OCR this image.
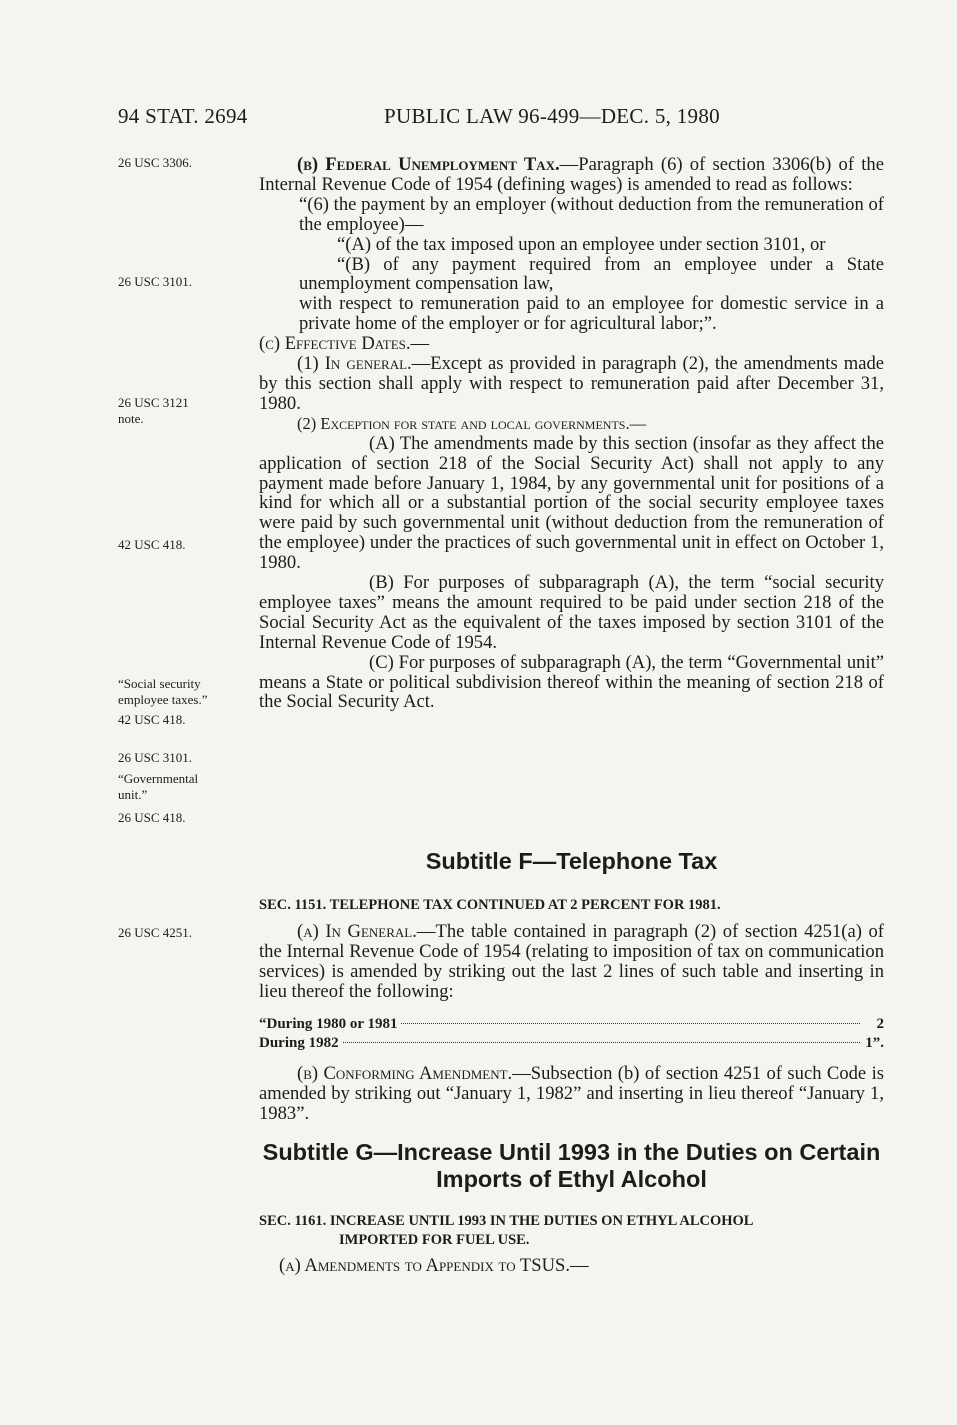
94 STAT. 2694	PUBLIC LAW 96-499—DEC. 5, 1980
26 USC 3306.
26 USC 3101.
26 USC 3121
note.
42 USC 418.
“Social security
employee taxes.”
42 USC 418.
26 USC 3101.
“Governmental
unit.”
26 USC 418.
26 USC 4251.

(b) Federal Unemployment Tax.—Paragraph (6) of section 3306(b) of the Internal Revenue Code of 1954 (defining wages) is amended to read as follows:

“(6) the payment by an employer (without deduction from the remuneration of the employee)—

“(A) of the tax imposed upon an employee under section 3101, or

“(B) of any payment required from an employee under a State unemployment compensation law,

with respect to remuneration paid to an employee for domestic service in a private home of the employer or for agricultural labor;”.

(c) Effective Dates.—

(1) In general.—Except as provided in paragraph (2), the amendments made by this section shall apply with respect to remuneration paid after December 31, 1980.

(2) Exception for state and local governments.—

(A) The amendments made by this section (insofar as they affect the application of section 218 of the Social Security Act) shall not apply to any payment made before January 1, 1984, by any governmental unit for positions of a kind for which all or a substantial portion of the social security employee taxes were paid by such governmental unit (without deduction from the remuneration of the employee) under the practices of such governmental unit in effect on October 1, 1980.

(B) For purposes of subparagraph (A), the term “social security employee taxes” means the amount required to be paid under section 218 of the Social Security Act as the equivalent of the taxes imposed by section 3101 of the Internal Revenue Code of 1954.

(C) For purposes of subparagraph (A), the term “Governmental unit” means a State or political subdivision thereof within the meaning of section 218 of the Social Security Act.

Subtitle F—Telephone Tax
SEC. 1151. TELEPHONE TAX CONTINUED AT 2 PERCENT FOR 1981.

(a) In General.—The table contained in paragraph (2) of section 4251(a) of the Internal Revenue Code of 1954 (relating to imposition of tax on communication services) is amended by striking out the last 2 lines of such table and inserting in lieu thereof the following:

“During 1980 or 1981	2
During 1982	1”.

(b) Conforming Amendment.—Subsection (b) of section 4251 of such Code is amended by striking out “January 1, 1982” and inserting in lieu thereof “January 1, 1983”.

Subtitle G—Increase Until 1993 in the Duties on Certain
Imports of Ethyl Alcohol
SEC. 1161. INCREASE UNTIL 1993 IN THE DUTIES ON ETHYL ALCOHOL
IMPORTED FOR FUEL USE.

(a) Amendments to Appendix to TSUS.—
